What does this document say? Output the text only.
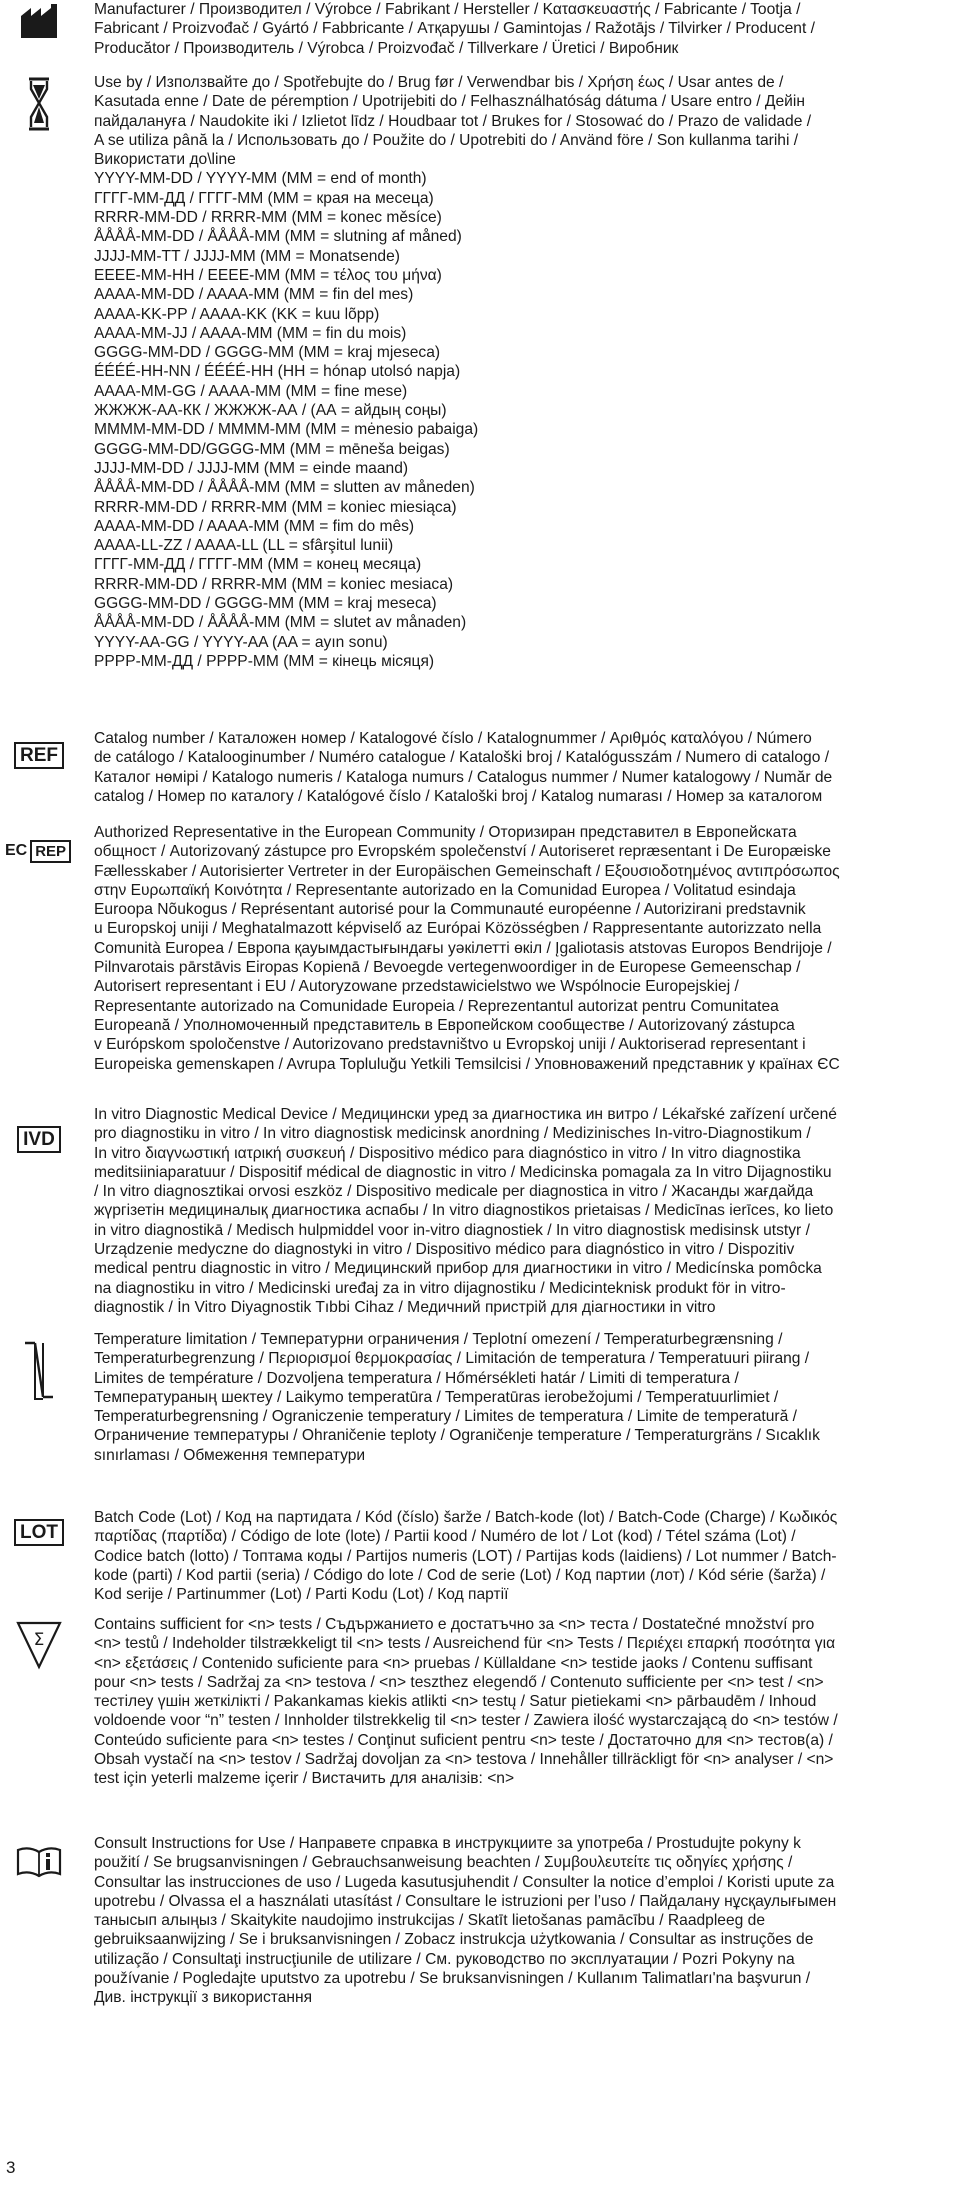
Manufacturer / Производител / Výrobce / Fabrikant / Hersteller / Κατασκευαστής / Fabricante / Tootja /
Fabricant / Proizvođač / Gyártó / Fabbricante / Атқарушы / Gamintojas / Ražotājs / Tilvirker / Producent /
Producător / Производитель / Výrobca / Proizvođač / Tillverkare / Üretici / Виробник
Use by / Използвайте до / Spotřebujte do / Brug før / Verwendbar bis / Χρήση έως / Usar antes de /
Kasutada enne / Date de péremption / Upotrijebiti do / Felhasználhatóság dátuma / Usare entro / Дейін
пайдалануға / Naudokite iki / Izlietot līdz / Houdbaar tot / Brukes for / Stosować do / Prazo de validade /
A se utiliza până la / Использовать до / Použite do / Upotrebiti do / Använd före / Son kullanma tarihi /
Використати до\line
YYYY-MM-DD / YYYY-MM (MM = end of month)
ГГГГ-ММ-ДД / ГГГГ-ММ (ММ = края на месеца)
RRRR-MM-DD / RRRR-MM (MM = konec měsíce)
ÅÅÅÅ-MM-DD / ÅÅÅÅ-MM (MM = slutning af måned)
JJJJ-MM-TT / JJJJ-MM (MM = Monatsende)
ΕΕΕΕ-ΜΜ-ΗΗ / ΕΕΕΕ-ΜΜ (ΜΜ = τέλος του μήνα)
AAAA-MM-DD / AAAA-MM (MM = fin del mes)
AAAA-KK-PP / AAAA-KK (KK = kuu lõpp)
AAAA-MM-JJ / AAAA-MM (MM = fin du mois)
GGGG-MM-DD / GGGG-MM (MM = kraj mjeseca)
ÉÉÉÉ-HH-NN / ÉÉÉÉ-HH (HH = hónap utolsó napja)
AAAA-MM-GG / AAAA-MM (MM = fine mese)
ЖЖЖЖ-АА-КК / ЖЖЖЖ-АА / (АА = айдың соңы)
MMMM-MM-DD / MMMM-MM (MM = mėnesio pabaiga)
GGGG-MM-DD/GGGG-MM (MM = mēneša beigas)
JJJJ-MM-DD / JJJJ-MM (MM = einde maand)
ÅÅÅÅ-MM-DD / ÅÅÅÅ-MM (MM = slutten av måneden)
RRRR-MM-DD / RRRR-MM (MM = koniec miesiąca)
AAAA-MM-DD / AAAA-MM (MM = fim do mês)
AAAA-LL-ZZ / AAAA-LL (LL = sfârşitul lunii)
ГГГГ-ММ-ДД / ГГГГ-ММ (ММ = конец месяца)
RRRR-MM-DD / RRRR-MM (MM = koniec mesiaca)
GGGG-MM-DD / GGGG-MM (MM = kraj meseca)
ÅÅÅÅ-MM-DD / ÅÅÅÅ-MM (MM = slutet av månaden)
YYYY-AA-GG / YYYY-AA (AA = ayın sonu)
РРРР-ММ-ДД / РРРР-ММ (ММ = кінець місяця)
REF
Catalog number / Каталожен номер / Katalogové číslo / Katalognummer / Αριθμός καταλόγου / Número
de catálogo / Katalooginumber / Numéro catalogue / Kataloški broj / Katalógusszám / Numero di catalogo /
Каталог нөмірі / Katalogo numeris / Kataloga numurs / Catalogus nummer / Numer katalogowy / Număr de
catalog / Номер по каталогу / Katalógové číslo / Kataloški broj / Katalog numarası / Номер за каталогом
EC REP
Authorized Representative in the European Community / Оторизиран представител в Европейската
общност / Autorizovaný zástupce pro Evropském společenství / Autoriseret repræsentant i De Europæiske
Fællesskaber / Autorisierter Vertreter in der Europäischen Gemeinschaft / Εξουσιοδοτημένος αντιπρόσωπος
στην Ευρωπαϊκή Κοινότητα / Representante autorizado en la Comunidad Europea / Volitatud esindaja
Euroopa Nõukogus / Représentant autorisé pour la Communauté européenne / Autorizirani predstavnik
u Europskoj uniji / Meghatalmazott képviselő az Európai Közösségben / Rappresentante autorizzato nella
Comunità Europea / Европа қауымдастығындағы уәкілетті өкіл / Įgaliotasis atstovas Europos Bendrijoje /
Pilnvarotais pārstāvis Eiropas Kopienā / Bevoegde vertegenwoordiger in de Europese Gemeenschap /
Autorisert representant i EU / Autoryzowane przedstawicielstwo we Wspólnocie Europejskiej /
Representante autorizado na Comunidade Europeia / Reprezentantul autorizat pentru Comunitatea
Europeană / Уполномоченный представитель в Европейском сообществе / Autorizovaný zástupca
v Európskom spoločenstve / Autorizovano predstavništvo u Evropskoj uniji / Auktoriserad representant i
Europeiska gemenskapen / Avrupa Topluluğu Yetkili Temsilcisi / Уповноважений представник у країнах ЄС
IVD
In vitro Diagnostic Medical Device / Медицински уред за диагностика ин витро / Lékařské zařízení určené
pro diagnostiku in vitro / In vitro diagnostisk medicinsk anordning / Medizinisches In-vitro-Diagnostikum /
In vitro διαγνωστική ιατρική συσκευή / Dispositivo médico para diagnóstico in vitro / In vitro diagnostika
meditsiiniaparatuur / Dispositif médical de diagnostic in vitro / Medicinska pomagala za In vitro Dijagnostiku
/ In vitro diagnosztikai orvosi eszköz / Dispositivo medicale per diagnostica in vitro / Жасанды жағдайда
жүргізетін медициналық диагностика аспабы / In vitro diagnostikos prietaisas / Medicīnas ierīces, ko lieto
in vitro diagnostikā / Medisch hulpmiddel voor in-vitro diagnostiek / In vitro diagnostisk medisinsk utstyr /
Urządzenie medyczne do diagnostyki in vitro / Dispositivo médico para diagnóstico in vitro / Dispozitiv
medical pentru diagnostic in vitro / Медицинский прибор для диагностики in vitro / Medicínska pomôcka
na diagnostiku in vitro / Medicinski uređaj za in vitro dijagnostiku / Medicinteknisk produkt för in vitro-
diagnostik / İn Vitro Diyagnostik Tıbbi Cihaz / Медичний пристрій для діагностики in vitro
Temperature limitation / Температурни ограничения / Teplotní omezení / Temperaturbegrænsning /
Temperaturbegrenzung / Περιορισμοί θερμοκρασίας / Limitación de temperatura / Temperatuuri piirang /
Limites de température / Dozvoljena temperatura / Hőmérsékleti határ / Limiti di temperatura /
Температураның шектеу / Laikymo temperatūra / Temperatūras ierobežojumi / Temperatuurlimiet /
Temperaturbegrensning / Ograniczenie temperatury / Limites de temperatura / Limite de temperatură /
Ограничение температуры / Ohraničenie teploty / Ograničenje temperature / Temperaturgräns / Sıcaklık
sınırlaması / Обмеження температури
LOT
Batch Code (Lot) / Код на партидата / Kód (číslo) šarže / Batch-kode (lot) / Batch-Code (Charge) / Κωδικός
παρτίδας (παρτίδα) / Código de lote (lote) / Partii kood / Numéro de lot / Lot (kod) / Tétel száma (Lot) /
Codice batch (lotto) / Топтама коды / Partijos numeris (LOT) / Partijas kods (laidiens) / Lot nummer / Batch-
kode (parti) / Kod partii (seria) / Código do lote / Cod de serie (Lot) / Код партии (лот) / Kód série (šarža) /
Kod serije / Partinummer (Lot) / Parti Kodu (Lot) / Код партії
Σ
Contains sufficient for <n> tests / Съдържанието е достатъчно за <n> теста / Dostatečné množství pro
<n> testů / Indeholder tilstrækkeligt til <n> tests / Ausreichend für <n> Tests / Περιέχει επαρκή ποσότητα για
<n> εξετάσεις / Contenido suficiente para <n> pruebas / Küllaldane <n> testide jaoks / Contenu suffisant
pour <n> tests / Sadržaj za <n> testova / <n> teszthez elegendő / Contenuto sufficiente per <n> test / <n>
тестілеу үшін жеткілікті / Pakankamas kiekis atlikti <n> testų / Satur pietiekami <n> pārbaudēm / Inhoud
voldoende voor “n” testen / Innholder tilstrekkelig til <n> tester / Zawiera ilość wystarczającą do <n> testów /
Conteúdo suficiente para <n> testes / Conţinut suficient pentru <n> teste / Достаточно для <n> тестов(а) /
Obsah vystačí na <n> testov / Sadržaj dovoljan za <n> testova / Innehåller tillräckligt för <n> analyser / <n>
test için yeterli malzeme içerir / Вистачить для аналізів: <n>
Consult Instructions for Use / Направете справка в инструкциите за употреба / Prostudujte pokyny k
použití / Se brugsanvisningen / Gebrauchsanweisung beachten / Συμβουλευτείτε τις οδηγίες χρήσης /
Consultar las instrucciones de uso / Lugeda kasutusjuhendit / Consulter la notice d’emploi / Koristi upute za
upotrebu / Olvassa el a használati utasítást / Consultare le istruzioni per l’uso / Пайдалану нұсқаулығымен
танысып алыңыз / Skaitykite naudojimo instrukcijas / Skatīt lietošanas pamācību / Raadpleeg de
gebruiksaanwijzing / Se i bruksanvisningen / Zobacz instrukcja użytkowania / Consultar as instruções de
utilização / Consultaţi instrucţiunile de utilizare / См. руководство по эксплуатации / Pozri Pokyny na
používanie / Pogledajte uputstvo za upotrebu / Se bruksanvisningen / Kullanım Talimatları'na başvurun /
Див. інструкції з використання
3
